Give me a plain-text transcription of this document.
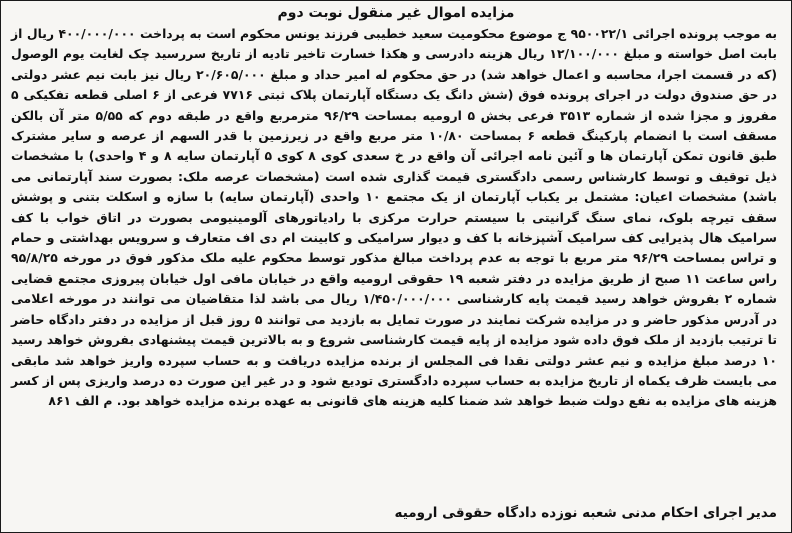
مزایده اموال غیر منقول نوبت دوم

به موجب پرونده اجرائی ۹۵۰۰۲۲/۱ ج موضوع محکومیت سعید خطیبی فرزند یونس محکوم است به پرداخت ۴۰۰/۰۰۰/۰۰۰ ریال از بابت اصل خواسته و مبلغ ۱۲/۱۰۰/۰۰۰ ریال هزینه دادرسی و هکذا خسارت تاخیر تادیه از تاریخ سررسید چک لغایت یوم الوصول (که در قسمت اجرا، محاسبه و اعمال خواهد شد) در حق محکوم له امیر حداد و مبلغ ۲۰/۶۰۵/۰۰۰ ریال نیز بابت نیم عشر دولتی در حق صندوق دولت در اجرای پرونده فوق (شش دانگ یک دستگاه آپارتمان پلاک ثبتی ۷۷۱۶ فرعی از ۶ اصلی قطعه تفکیکی ۵ مفروز و مجزا شده از شماره ۳۵۱۳ فرعی بخش ۵ ارومیه بمساحت ۹۶/۲۹ مترمربع واقع در طبقه دوم که ۵/۵۵ متر آن بالکن مسقف است با انضمام پارکینگ قطعه ۶ بمساحت ۱۰/۸۰ متر مربع واقع در زیرزمین با قدر السهم از عرصه و سایر مشترک طبق قانون تمکن آپارتمان ها و آئین نامه اجرائی آن واقع در خ سعدی کوی ۸ کوی ۵ آپارتمان سایه ۸ و ۴ واحدی) با مشخصات ذیل توقیف و توسط کارشناس رسمی دادگستری قیمت گذاری شده است (مشخصات عرصه ملک: بصورت سند آپارتمانی می باشد) مشخصات اعیان: مشتمل بر یکباب آپارتمان از یک مجتمع ۱۰ واحدی (آپارتمان سایه) با سازه و اسکلت بتنی و پوشش سقف تیرچه بلوک، نمای سنگ گرانیتی با سیستم حرارت مرکزی با رادیاتورهای آلومینیومی بصورت در اتاق خواب با کف سرامیک هال پذیرایی کف سرامیک آشپزخانه با کف و دیوار سرامیکی و کابینت ام دی اف متعارف و سرویس بهداشتی و حمام و تراس بمساحت ۹۶/۲۹ متر مربع با توجه به عدم پرداخت مبالغ مذکور توسط محکوم علیه ملک مذکور فوق در مورخه ۹۵/۸/۲۵ راس ساعت ۱۱ صبح از طریق مزایده در دفتر شعبه ۱۹ حقوقی ارومیه واقع در خیابان مافی اول خیابان پیروزی مجتمع قضایی شماره ۲ بفروش خواهد رسید قیمت پایه کارشناسی ۱/۴۵۰/۰۰۰/۰۰۰ ریال می باشد لذا متقاضیان می توانند در مورخه اعلامی در آدرس مذکور حاضر و در مزایده شرکت نمایند در صورت تمایل به بازدید می توانند ۵ روز قبل از مزایده در دفتر دادگاه حاضر تا ترتیب بازدید از ملک فوق داده شود مزایده از پایه قیمت کارشناسی شروع و به بالاترین قیمت پیشنهادی بفروش خواهد رسید ۱۰ درصد مبلغ مزایده و نیم عشر دولتی نقدا فی المجلس از برنده مزایده دریافت و به حساب سپرده واریز خواهد شد مابقی می بایست ظرف یکماه از تاریخ مزایده به حساب سپرده دادگستری تودیع شود و در غیر این صورت ده درصد واریزی پس از کسر هزینه های مزایده به نفع دولت ضبط خواهد شد ضمنا کلیه هزینه های قانونی به عهده برنده مزایده خواهد بود. م الف ۸۶۱

مدیر اجرای احکام مدنی شعبه نوزده دادگاه حقوقی ارومیه
